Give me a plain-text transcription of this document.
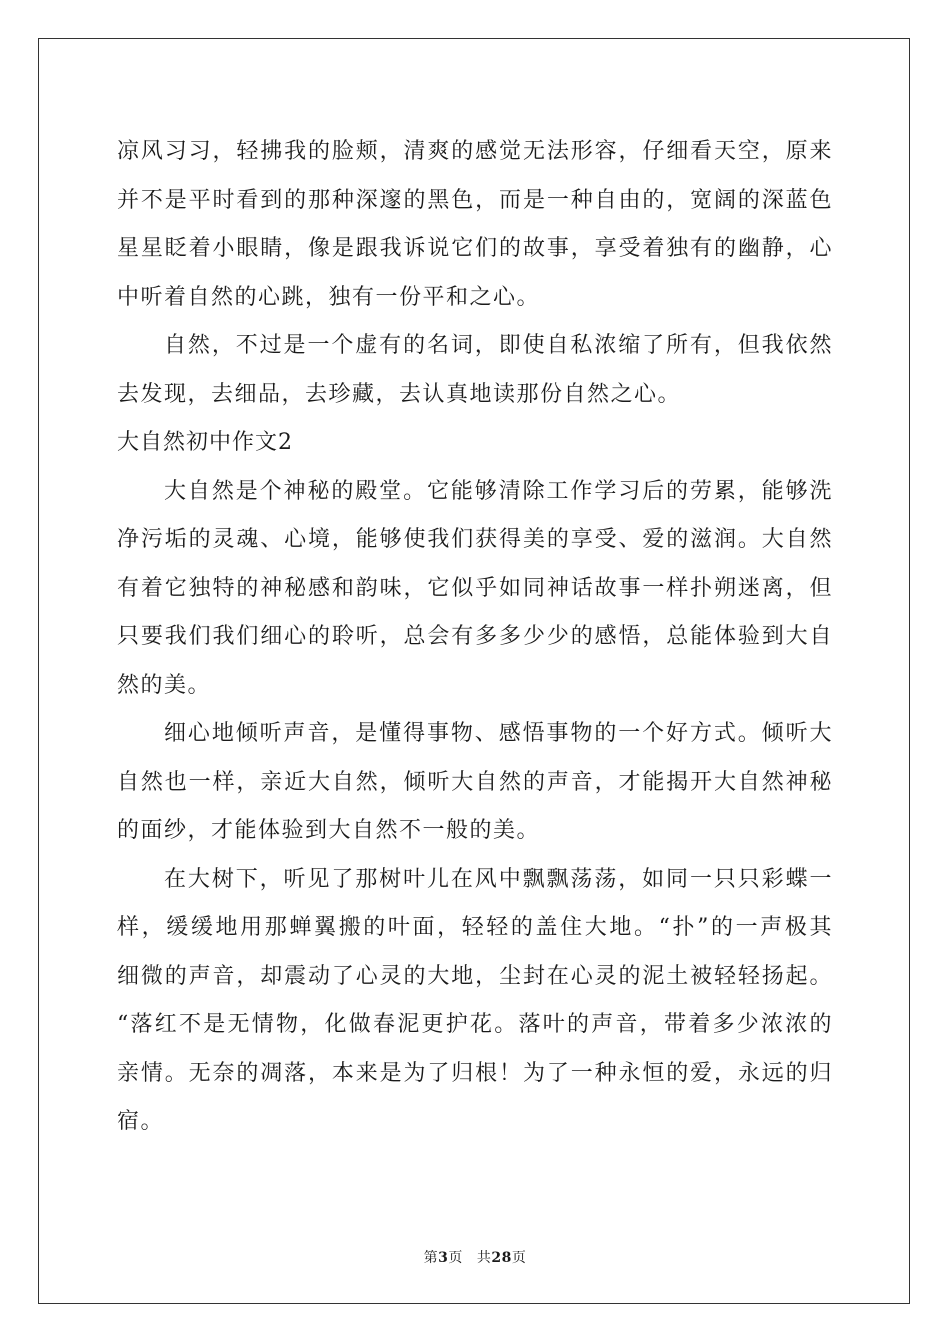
凉风习习，轻拂我的脸颊，清爽的感觉无法形容，仔细看天空，原来
并不是平时看到的那种深邃的黑色，而是一种自由的，宽阔的深蓝色
星星眨着小眼睛，像是跟我诉说它们的故事，享受着独有的幽静，心
中听着自然的心跳，独有一份平和之心。
自然，不过是一个虚有的名词，即使自私浓缩了所有，但我依然
去发现，去细品，去珍藏，去认真地读那份自然之心。
大自然初中作文2
大自然是个神秘的殿堂。它能够清除工作学习后的劳累，能够洗
净污垢的灵魂、心境，能够使我们获得美的享受、爱的滋润。大自然
有着它独特的神秘感和韵味，它似乎如同神话故事一样扑朔迷离，但
只要我们我们细心的聆听，总会有多多少少的感悟，总能体验到大自
然的美。
细心地倾听声音，是懂得事物、感悟事物的一个好方式。倾听大
自然也一样，亲近大自然，倾听大自然的声音，才能揭开大自然神秘
的面纱，才能体验到大自然不一般的美。
在大树下，听见了那树叶儿在风中飘飘荡荡，如同一只只彩蝶一
样，缓缓地用那蝉翼搬的叶面，轻轻的盖住大地。“扑”的一声极其
细微的声音，却震动了心灵的大地，尘封在心灵的泥土被轻轻扬起。
“落红不是无情物，化做春泥更护花。落叶的声音，带着多少浓浓的
亲情。无奈的凋落，本来是为了归根！为了一种永恒的爱，永远的归
宿。
第3页 共28页
